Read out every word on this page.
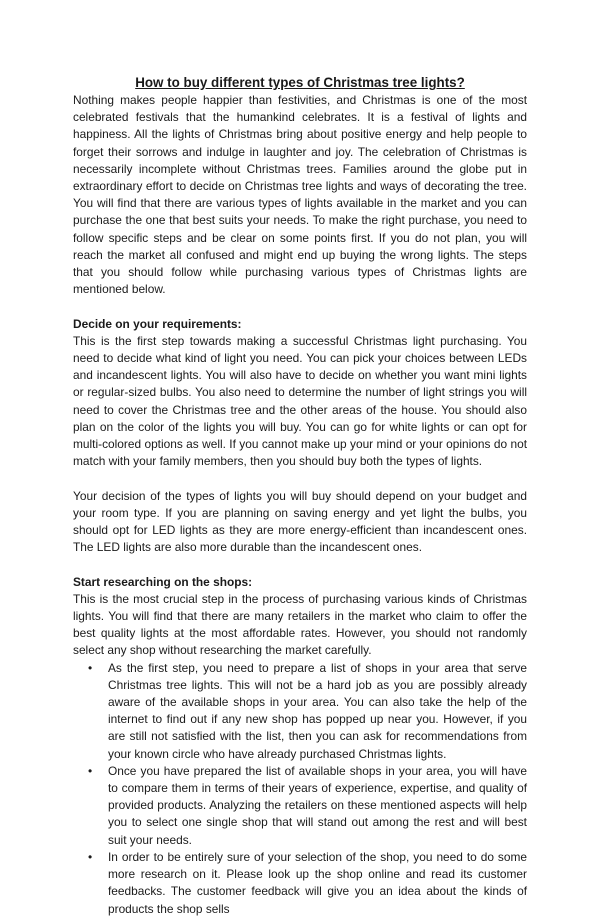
How to buy different types of Christmas tree lights?

Nothing makes people happier than festivities, and Christmas is one of the most celebrated festivals that the humankind celebrates. It is a festival of lights and happiness. All the lights of Christmas bring about positive energy and help people to forget their sorrows and indulge in laughter and joy. The celebration of Christmas is necessarily incomplete without Christmas trees. Families around the globe put in extraordinary effort to decide on Christmas tree lights and ways of decorating the tree. You will find that there are various types of lights available in the market and you can purchase the one that best suits your needs. To make the right purchase, you need to follow specific steps and be clear on some points first. If you do not plan, you will reach the market all confused and might end up buying the wrong lights. The steps that you should follow while purchasing various types of Christmas lights are mentioned below.

Decide on your requirements:

This is the first step towards making a successful Christmas light purchasing. You need to decide what kind of light you need. You can pick your choices between LEDs and incandescent lights. You will also have to decide on whether you want mini lights or regular-sized bulbs. You also need to determine the number of light strings you will need to cover the Christmas tree and the other areas of the house. You should also plan on the color of the lights you will buy. You can go for white lights or can opt for multi-colored options as well. If you cannot make up your mind or your opinions do not match with your family members, then you should buy both the types of lights.

Your decision of the types of lights you will buy should depend on your budget and your room type. If you are planning on saving energy and yet light the bulbs, you should opt for LED lights as they are more energy-efficient than incandescent ones. The LED lights are also more durable than the incandescent ones.

Start researching on the shops:

This is the most crucial step in the process of purchasing various kinds of Christmas lights. You will find that there are many retailers in the market who claim to offer the best quality lights at the most affordable rates. However, you should not randomly select any shop without researching the market carefully.

• As the first step, you need to prepare a list of shops in your area that serve Christmas tree lights. This will not be a hard job as you are possibly already aware of the available shops in your area. You can also take the help of the internet to find out if any new shop has popped up near you. However, if you are still not satisfied with the list, then you can ask for recommendations from your known circle who have already purchased Christmas lights.
• Once you have prepared the list of available shops in your area, you will have to compare them in terms of their years of experience, expertise, and quality of provided products. Analyzing the retailers on these mentioned aspects will help you to select one single shop that will stand out among the rest and will best suit your needs.
• In order to be entirely sure of your selection of the shop, you need to do some more research on it. Please look up the shop online and read its customer feedbacks. The customer feedback will give you an idea about the kinds of products the shop sells
